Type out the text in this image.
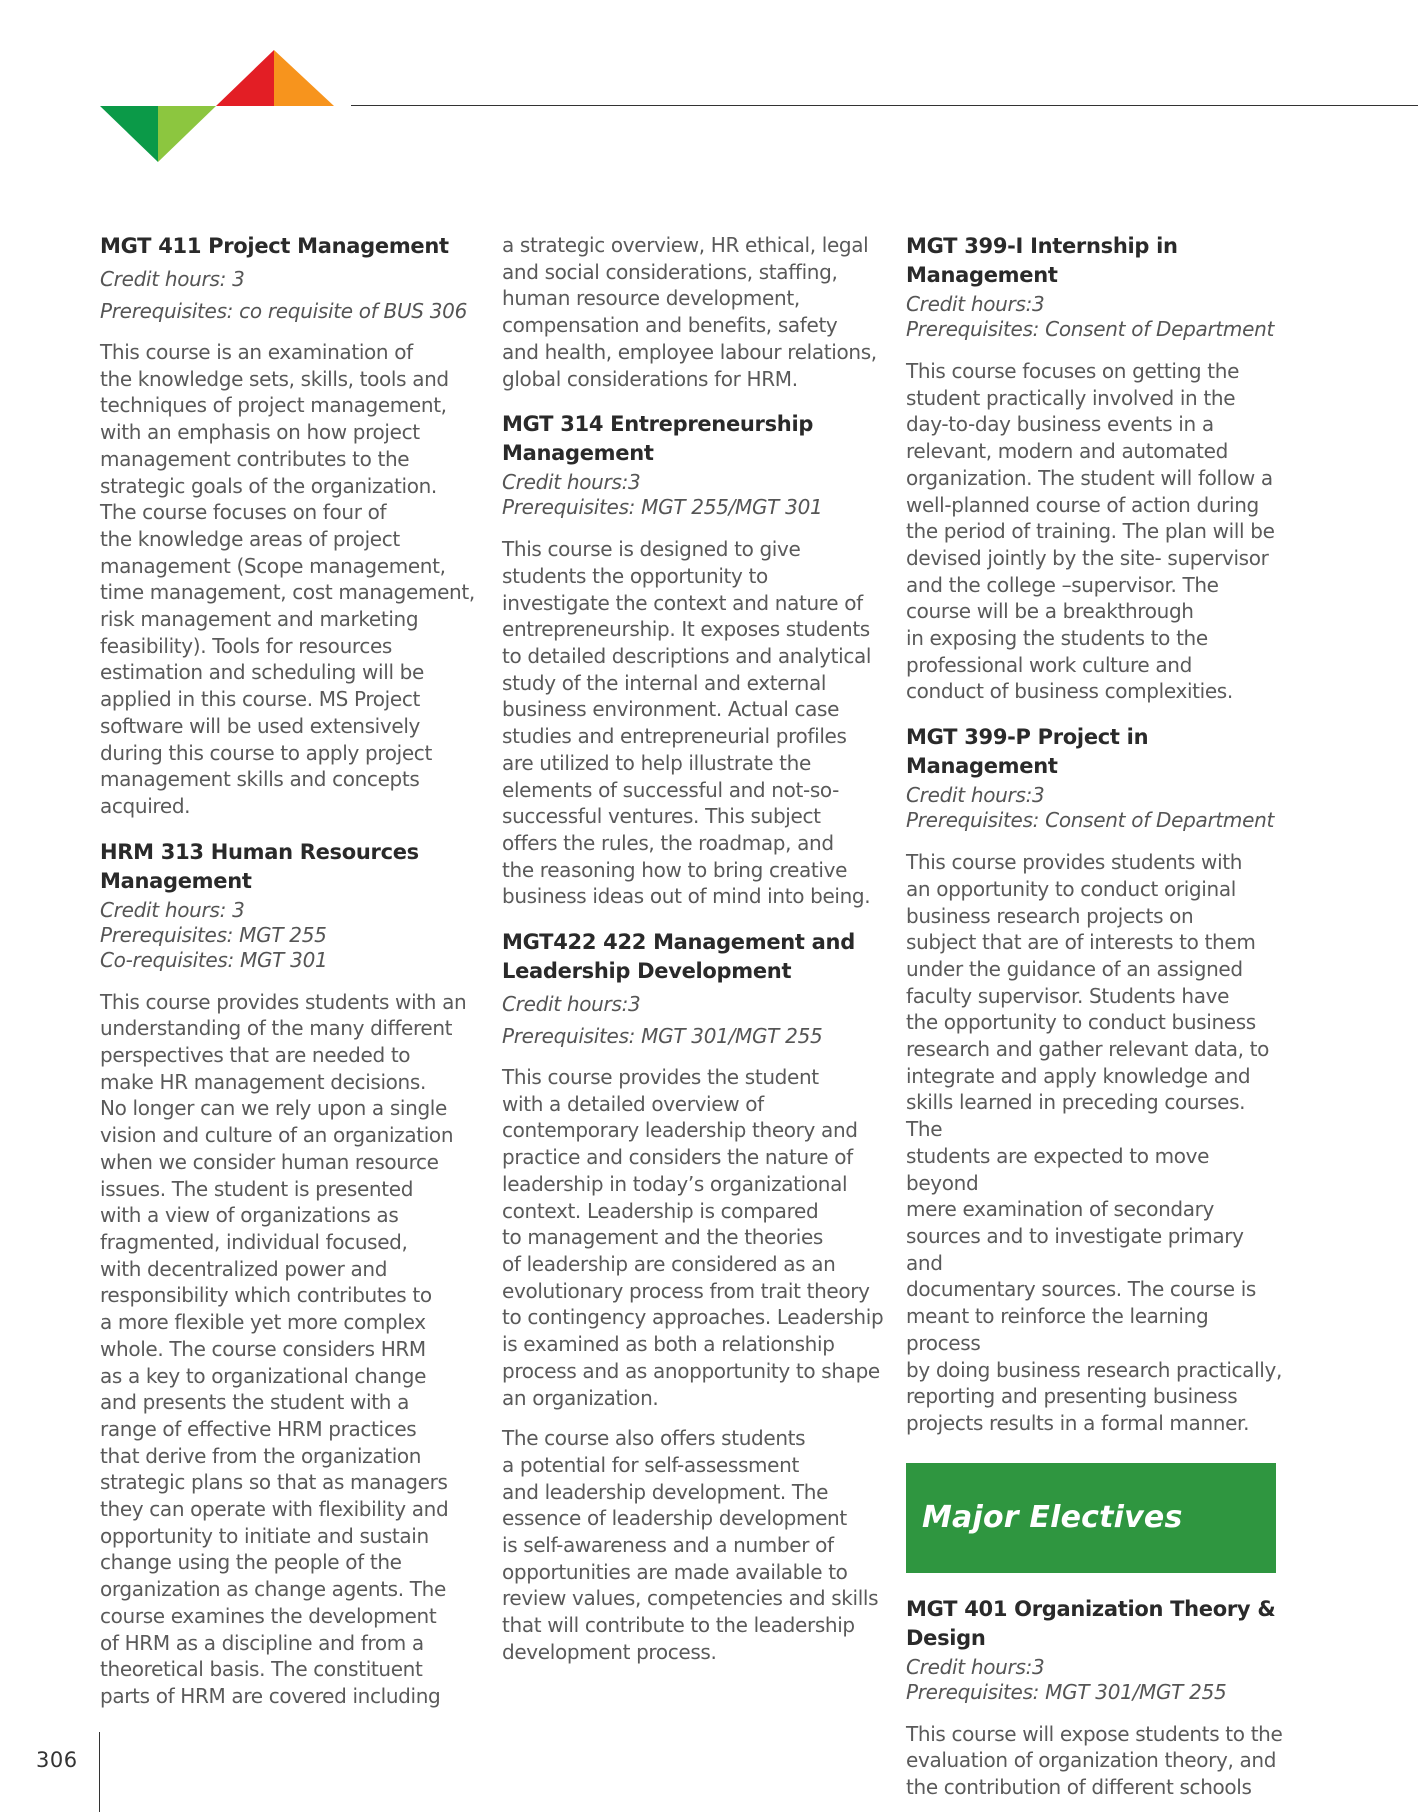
MGT 411 Project Management

Credit hours: 3

Prerequisites: co requisite of BUS 306

This course is an examination of
the knowledge sets, skills, tools and
techniques of project management,
with an emphasis on how project
management contributes to the
strategic goals of the organization.
The course focuses on four of
the knowledge areas of project
management (Scope management,
time management, cost management,
risk management and marketing
feasibility). Tools for resources
estimation and scheduling will be
applied in this course. MS Project
software will be used extensively
during this course to apply project
management skills and concepts
acquired.

HRM 313 Human Resources
Management

Credit hours: 3

Prerequisites: MGT 255

Co-requisites: MGT 301

This course provides students with an
understanding of the many different
perspectives that are needed to
make HR management decisions.
No longer can we rely upon a single
vision and culture of an organization
when we consider human resource
issues. The student is presented
with a view of organizations as
fragmented, individual focused,
with decentralized power and
responsibility which contributes to
a more flexible yet more complex
whole. The course considers HRM
as a key to organizational change
and presents the student with a
range of effective HRM practices
that derive from the organization
strategic plans so that as managers
they can operate with flexibility and
opportunity to initiate and sustain
change using the people of the
organization as change agents. The
course examines the development
of HRM as a discipline and from a
theoretical basis. The constituent
parts of HRM are covered including

a strategic overview, HR ethical, legal
and social considerations, staffing,
human resource development,
compensation and benefits, safety
and health, employee labour relations,
global considerations for HRM.

MGT 314 Entrepreneurship
Management

Credit hours:3

Prerequisites: MGT 255/MGT 301

This course is designed to give
students the opportunity to
investigate the context and nature of
entrepreneurship. It exposes students
to detailed descriptions and analytical
study of the internal and external
business environment. Actual case
studies and entrepreneurial profiles
are utilized to help illustrate the
elements of successful and not-so-
successful ventures. This subject
offers the rules, the roadmap, and
the reasoning how to bring creative
business ideas out of mind into being.

MGT422 422 Management and
Leadership Development

Credit hours:3

Prerequisites: MGT 301/MGT 255

This course provides the student
with a detailed overview of
contemporary leadership theory and
practice and considers the nature of
leadership in today’s organizational
context. Leadership is compared
to management and the theories
of leadership are considered as an
evolutionary process from trait theory
to contingency approaches. Leadership
is examined as both a relationship
process and as anopportunity to shape
an organization.

The course also offers students
a potential for self-assessment
and leadership development. The
essence of leadership development
is self-awareness and a number of
opportunities are made available to
review values, competencies and skills
that will contribute to the leadership
development process.

MGT 399-I Internship in
Management

Credit hours:3

Prerequisites: Consent of Department

This course focuses on getting the
student practically involved in the
day-to-day business events in a
relevant, modern and automated
organization. The student will follow a
well-planned course of action during
the period of training. The plan will be
devised jointly by the site- supervisor
and the college –supervisor. The
course will be a breakthrough
in exposing the students to the
professional work culture and
conduct of business complexities.

MGT 399-P Project in
Management

Credit hours:3

Prerequisites: Consent of Department

This course provides students with
an opportunity to conduct original
business research projects on
subject that are of interests to them
under the guidance of an assigned
faculty supervisor. Students have
the opportunity to conduct business
research and gather relevant data, to
integrate and apply knowledge and
skills learned in preceding courses. The
students are expected to move beyond
mere examination of secondary
sources and to investigate primary and
documentary sources. The course is
meant to reinforce the learning process
by doing business research practically,
reporting and presenting business
projects results in a formal manner.

Major Electives
MGT 401 Organization Theory &
Design

Credit hours:3

Prerequisites: MGT 301/MGT 255

This course will expose students to the
evaluation of organization theory, and
the contribution of different schools

306
